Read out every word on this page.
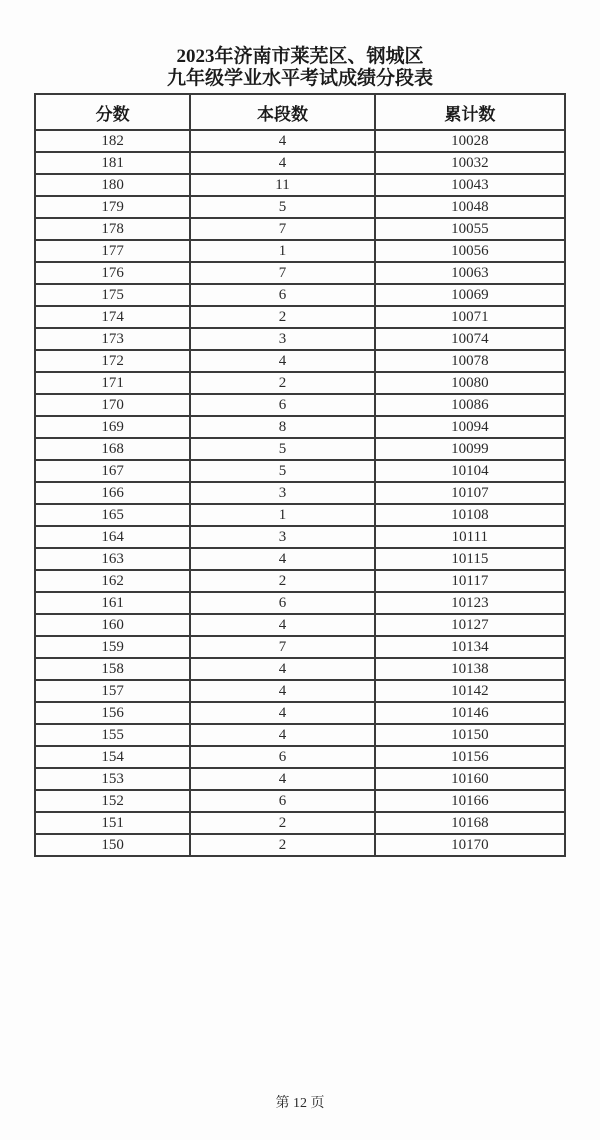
2023年济南市莱芜区、钢城区
九年级学业水平考试成绩分段表
分数	本段数	累计数
182	4	10028
181	4	10032
180	11	10043
179	5	10048
178	7	10055
177	1	10056
176	7	10063
175	6	10069
174	2	10071
173	3	10074
172	4	10078
171	2	10080
170	6	10086
169	8	10094
168	5	10099
167	5	10104
166	3	10107
165	1	10108
164	3	10111
163	4	10115
162	2	10117
161	6	10123
160	4	10127
159	7	10134
158	4	10138
157	4	10142
156	4	10146
155	4	10150
154	6	10156
153	4	10160
152	6	10166
151	2	10168
150	2	10170
第 12 页
